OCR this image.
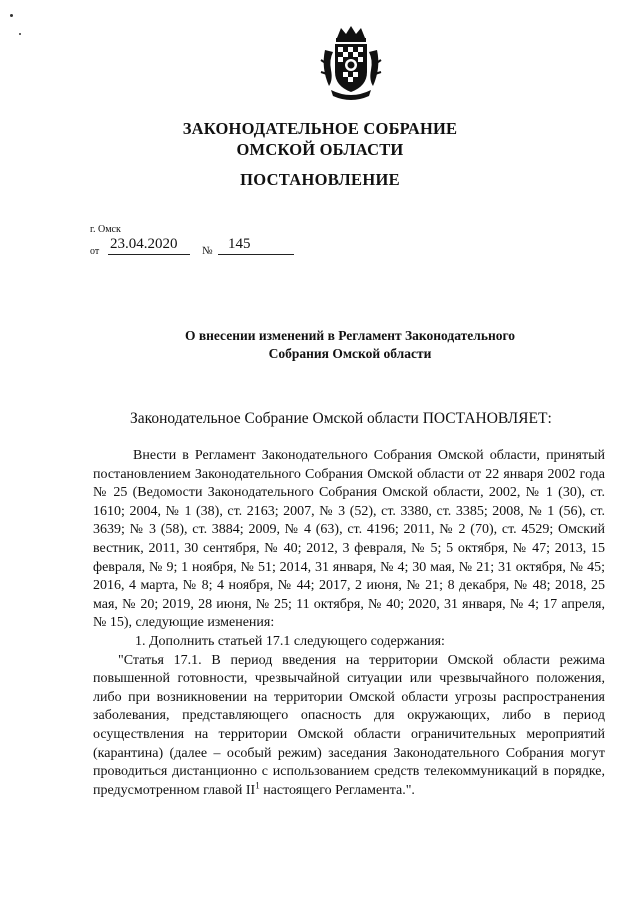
ЗАКОНОДАТЕЛЬНОЕ СОБРАНИЕ
ОМСКОЙ ОБЛАСТИ
ПОСТАНОВЛЕНИЕ
г. Омск
от 23.04.2020	№	145
О внесении изменений в Регламент Законодательного
Собрания Омской области
Законодательное Собрание Омской области ПОСТАНОВЛЯЕТ:

Внести в Регламент Законодательного Собрания Омской области, принятый постановлением Законодательного Собрания Омской области от 22 января 2002 года № 25 (Ведомости Законодательного Собрания Омской области, 2002, № 1 (30), ст. 1610; 2004, № 1 (38), ст. 2163; 2007, № 3 (52), ст. 3380, ст. 3385; 2008, № 1 (56), ст. 3639; № 3 (58), ст. 3884; 2009, № 4 (63), ст. 4196; 2011, № 2 (70), ст. 4529; Омский вестник, 2011, 30 сентября, № 40; 2012, 3 февраля, № 5; 5 октября, № 47; 2013, 15 февраля, № 9; 1 ноября, № 51; 2014, 31 января, № 4; 30 мая, № 21; 31 октября, № 45; 2016, 4 марта, № 8; 4 ноября, № 44; 2017, 2 июня, № 21; 8 декабря, № 48; 2018, 25 мая, № 20; 2019, 28 июня, № 25; 11 октября, № 40; 2020, 31 января, № 4; 17 апреля, № 15), следующие изменения:

1. Дополнить статьей 17.1 следующего содержания:

"Статья 17.1. В период введения на территории Омской области режима повышенной готовности, чрезвычайной ситуации или чрезвычайного положения, либо при возникновении на территории Омской области угрозы распространения заболевания, представляющего опасность для окружающих, либо в период осуществления на территории Омской области ограничительных мероприятий (карантина) (далее – особый режим) заседания Законодательного Собрания могут проводиться дистанционно с использованием средств телекоммуникаций в порядке, предусмотренном главой $II^1$ настоящего Регламента.".
